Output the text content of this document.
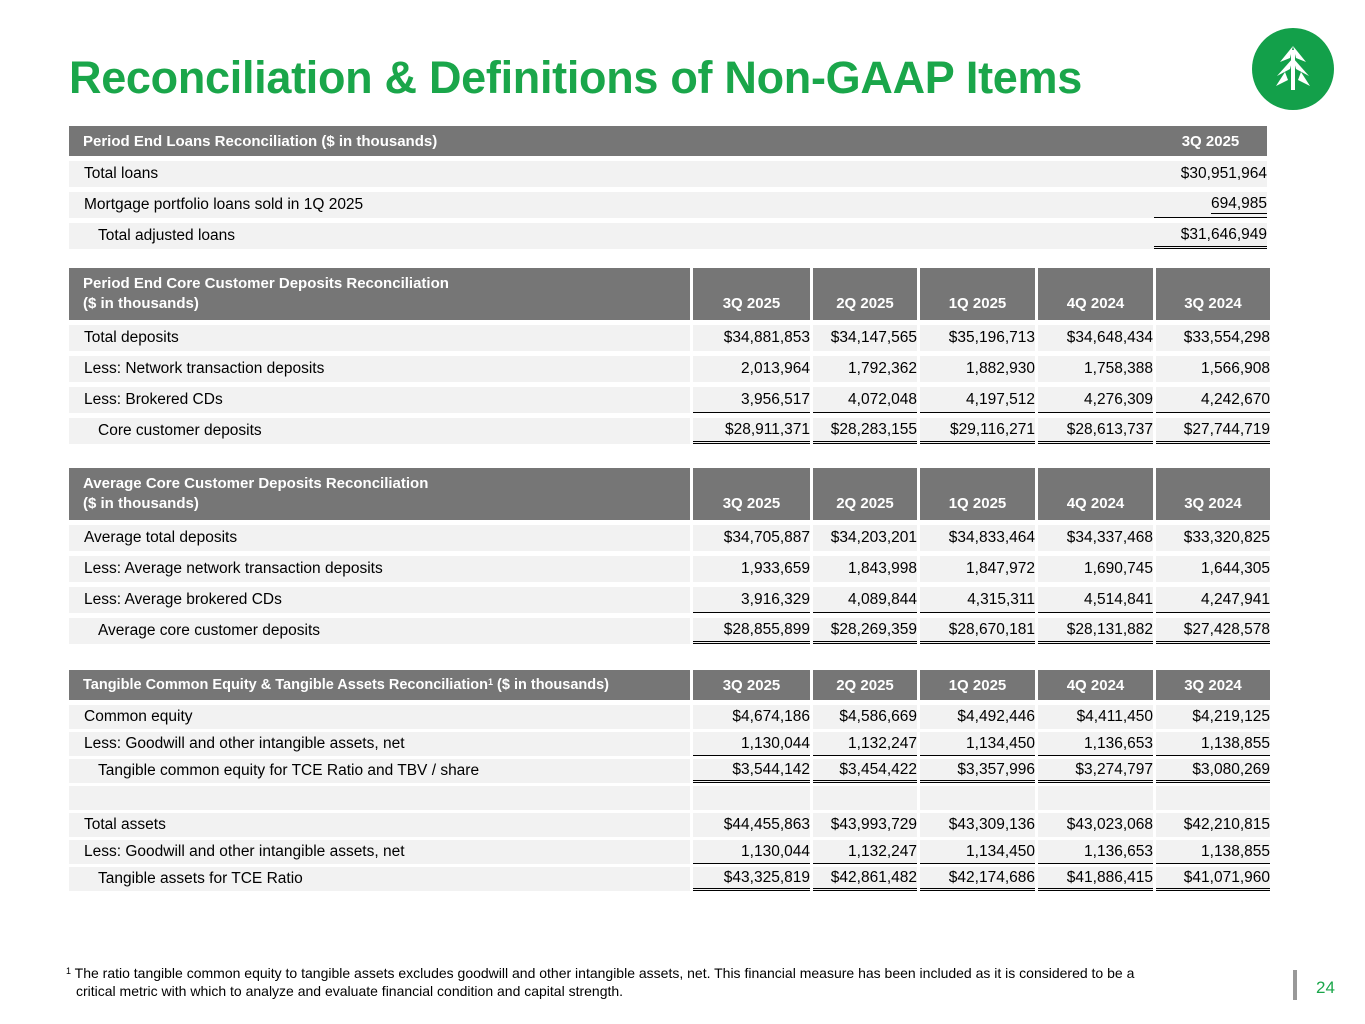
Reconciliation & Definitions of Non-GAAP Items
Period End Loans Reconciliation ($ in thousands)	3Q 2025
Total loans	$30,951,964
Mortgage portfolio loans sold in 1Q 2025	694,985
Total adjusted loans	$31,646,949
Period End Core Customer Deposits Reconciliation
($ in thousands)	3Q 2025	2Q 2025	1Q 2025	4Q 2024	3Q 2024
Total deposits	$34,881,853	$34,147,565	$35,196,713	$34,648,434	$33,554,298
Less: Network transaction deposits	2,013,964	1,792,362	1,882,930	1,758,388	1,566,908
Less: Brokered CDs	3,956,517	4,072,048	4,197,512	4,276,309	4,242,670
Core customer deposits	$28,911,371	$28,283,155	$29,116,271	$28,613,737	$27,744,719
Average Core Customer Deposits Reconciliation
($ in thousands)	3Q 2025	2Q 2025	1Q 2025	4Q 2024	3Q 2024
Average total deposits	$34,705,887	$34,203,201	$34,833,464	$34,337,468	$33,320,825
Less: Average network transaction deposits	1,933,659	1,843,998	1,847,972	1,690,745	1,644,305
Less: Average brokered CDs	3,916,329	4,089,844	4,315,311	4,514,841	4,247,941
Average core customer deposits	$28,855,899	$28,269,359	$28,670,181	$28,131,882	$27,428,578
Tangible Common Equity & Tangible Assets Reconciliation$^1$ ($ in thousands)	3Q 2025	2Q 2025	1Q 2025	4Q 2024	3Q 2024
Common equity	$4,674,186	$4,586,669	$4,492,446	$4,411,450	$4,219,125
Less: Goodwill and other intangible assets, net	1,130,044	1,132,247	1,134,450	1,136,653	1,138,855
Tangible common equity for TCE Ratio and TBV / share	$3,544,142	$3,454,422	$3,357,996	$3,274,797	$3,080,269
Total assets	$44,455,863	$43,993,729	$43,309,136	$43,023,068	$42,210,815
Less: Goodwill and other intangible assets, net	1,130,044	1,132,247	1,134,450	1,136,653	1,138,855
Tangible assets for TCE Ratio	$43,325,819	$42,861,482	$42,174,686	$41,886,415	$41,071,960
$^1$ The ratio tangible common equity to tangible assets excludes goodwill and other intangible assets, net. This financial measure has been included as it is considered to be a
critical metric with which to analyze and evaluate financial condition and capital strength.	24
